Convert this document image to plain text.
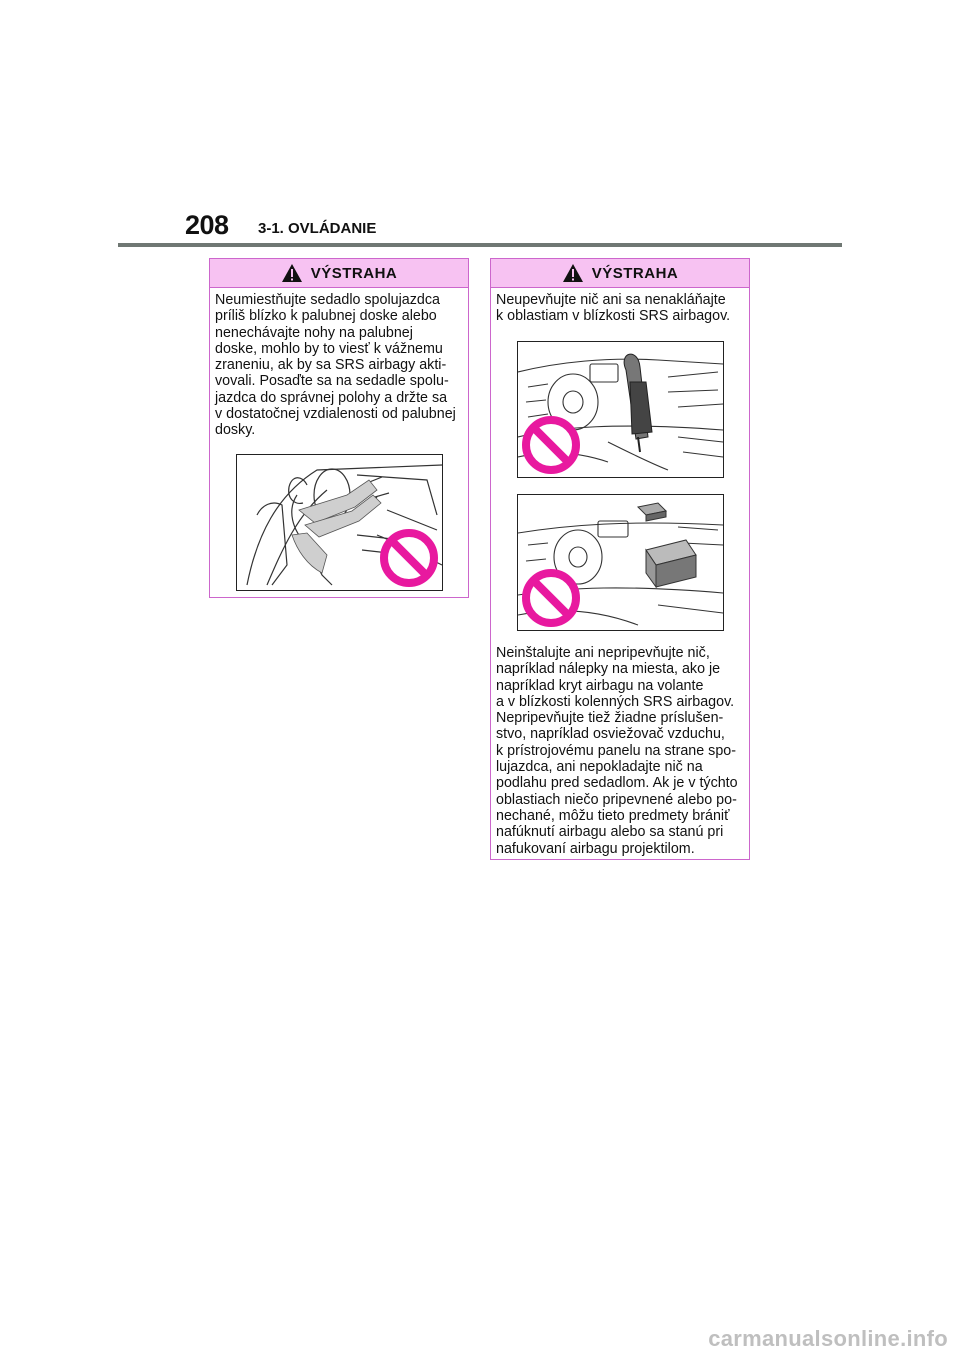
208 3-1. OVLÁDANIE
VÝSTRAHA

Neumiestňujte sedadlo spolujazdca
príliš blízko k palubnej doske alebo
nenechávajte nohy na palubnej
doske, mohlo by to viesť k vážnemu
zraneniu, ak by sa SRS airbagy akti-
vovali. Posaďte sa na sedadle spolu-
jazdca do správnej polohy a držte sa
v dostatočnej vzdialenosti od palubnej
dosky.

VÝSTRAHA

Neupevňujte nič ani sa nenakláňajte
k oblastiam v blízkosti SRS airbagov.

Neinštalujte ani nepripevňujte nič,
napríklad nálepky na miesta, ako je
napríklad kryt airbagu na volante
a v blízkosti kolenných SRS airbagov.
Nepripevňujte tiež žiadne príslušen-
stvo, napríklad osviežovač vzduchu,
k prístrojovému panelu na strane spo-
lujazdca, ani nepokladajte nič na
podlahu pred sedadlom. Ak je v týchto
oblastiach niečo pripevnené alebo po-
nechané, môžu tieto predmety brániť
nafúknutí airbagu alebo sa stanú pri
nafukovaní airbagu projektilom.

carmanualsonline.info
